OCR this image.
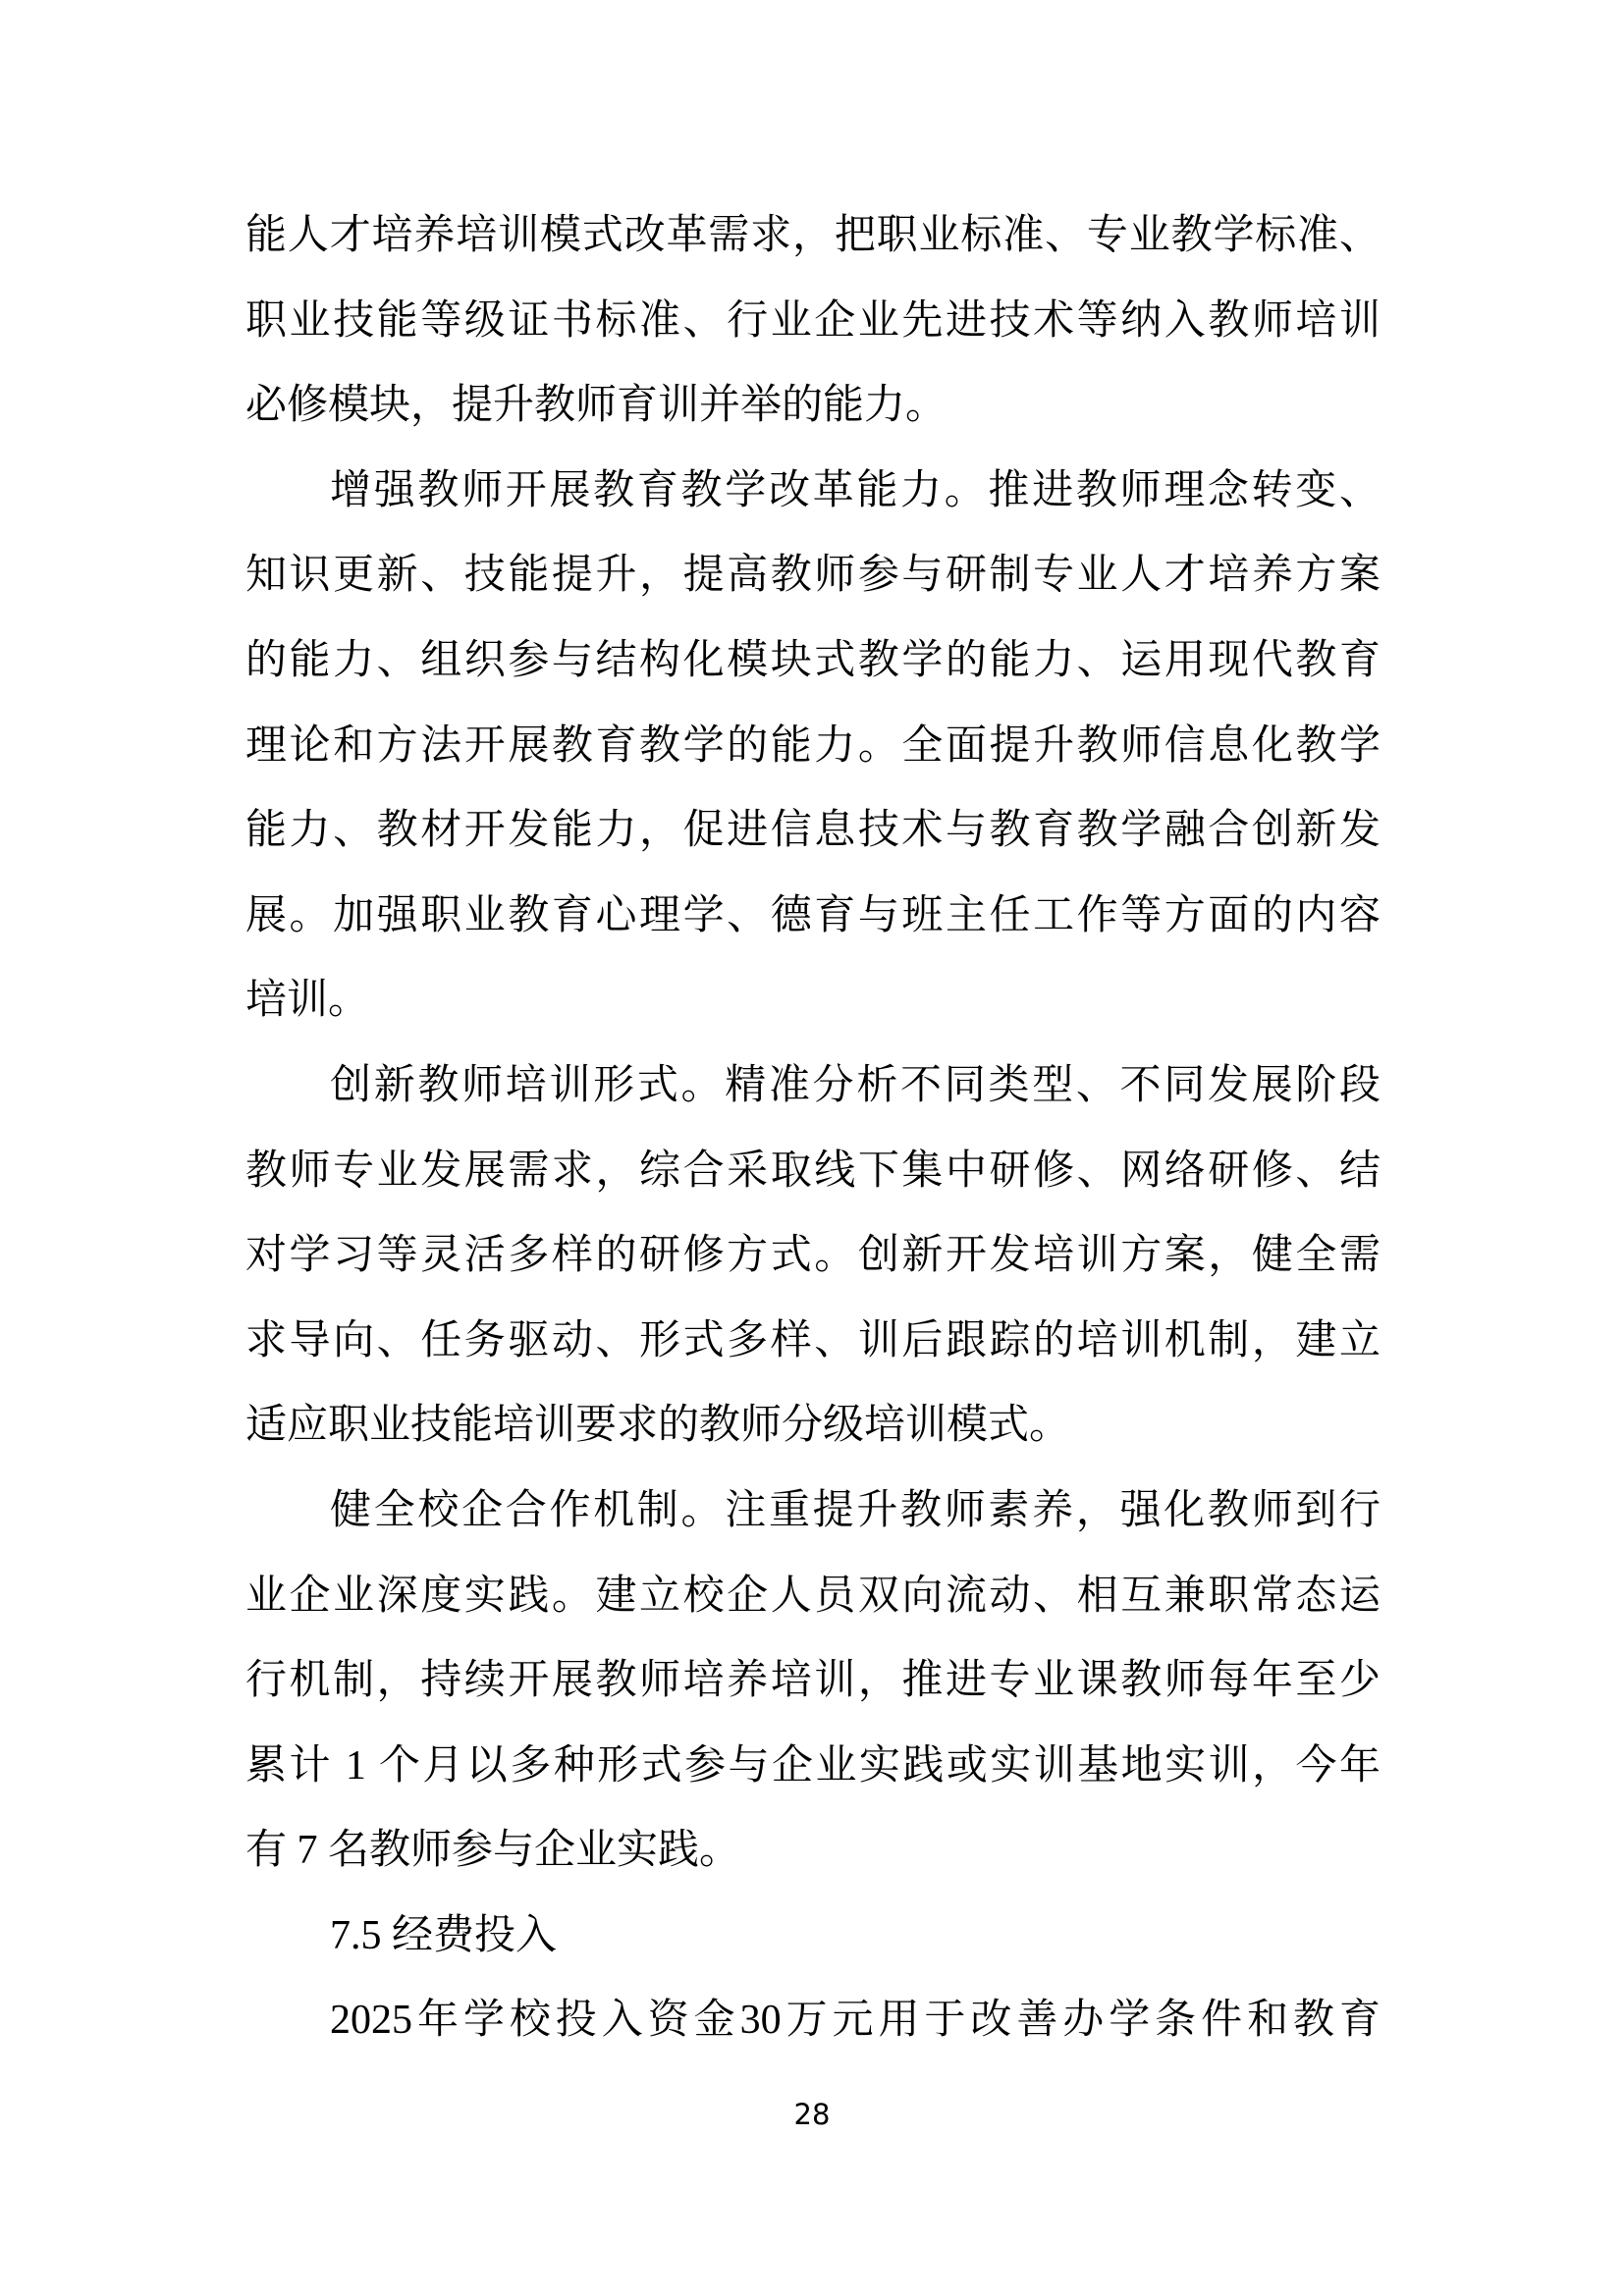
能人才培养培训模式改革需求，把职业标准、专业教学标准、
职业技能等级证书标准、行业企业先进技术等纳入教师培训
必修模块，提升教师育训并举的能力。
增强教师开展教育教学改革能力。推进教师理念转变、
知识更新、技能提升，提高教师参与研制专业人才培养方案
的能力、组织参与结构化模块式教学的能力、运用现代教育
理论和方法开展教育教学的能力。全面提升教师信息化教学
能力、教材开发能力，促进信息技术与教育教学融合创新发
展。加强职业教育心理学、德育与班主任工作等方面的内容
培训。
创新教师培训形式。精准分析不同类型、不同发展阶段
教师专业发展需求，综合采取线下集中研修、网络研修、结
对学习等灵活多样的研修方式。创新开发培训方案，健全需
求导向、任务驱动、形式多样、训后跟踪的培训机制，建立
适应职业技能培训要求的教师分级培训模式。
健全校企合作机制。注重提升教师素养，强化教师到行
业企业深度实践。建立校企人员双向流动、相互兼职常态运
行机制，持续开展教师培养培训，推进专业课教师每年至少
累计 1 个月以多种形式参与企业实践或实训基地实训，今年
有 7 名教师参与企业实践。
7.5 经费投入
2025年学校投入资金30万元用于改善办学条件和教育
28
